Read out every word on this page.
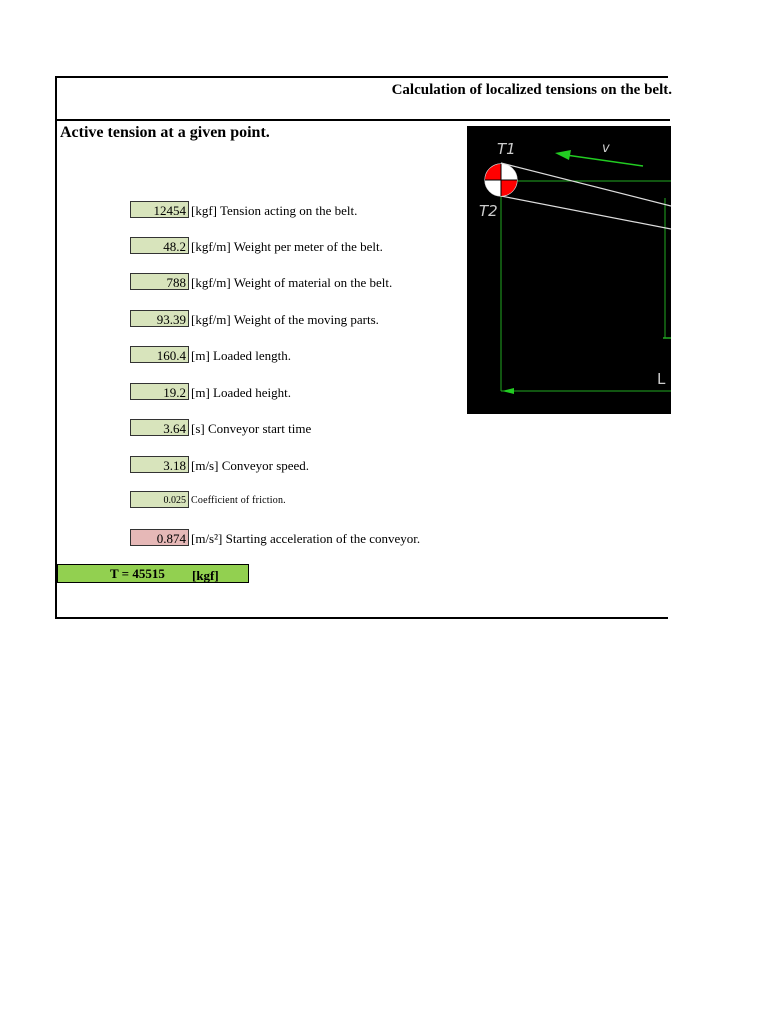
Calculation of localized tensions on the belt.
Active tension at a given point.
12454 [kgf] Tension acting on the belt.
48.2 [kgf/m] Weight per meter of the belt.
788 [kgf/m] Weight of material on the belt.
93.39 [kgf/m] Weight of the moving parts.
160.4 [m] Loaded length.
19.2 [m] Loaded height.
3.64 [s] Conveyor start time
3.18 [m/s] Conveyor speed.
0.025 Coefficient of friction.
0.874 [m/s²] Starting acceleration of the conveyor.
T = 45515 [kgf]
T1
T2
v
L
